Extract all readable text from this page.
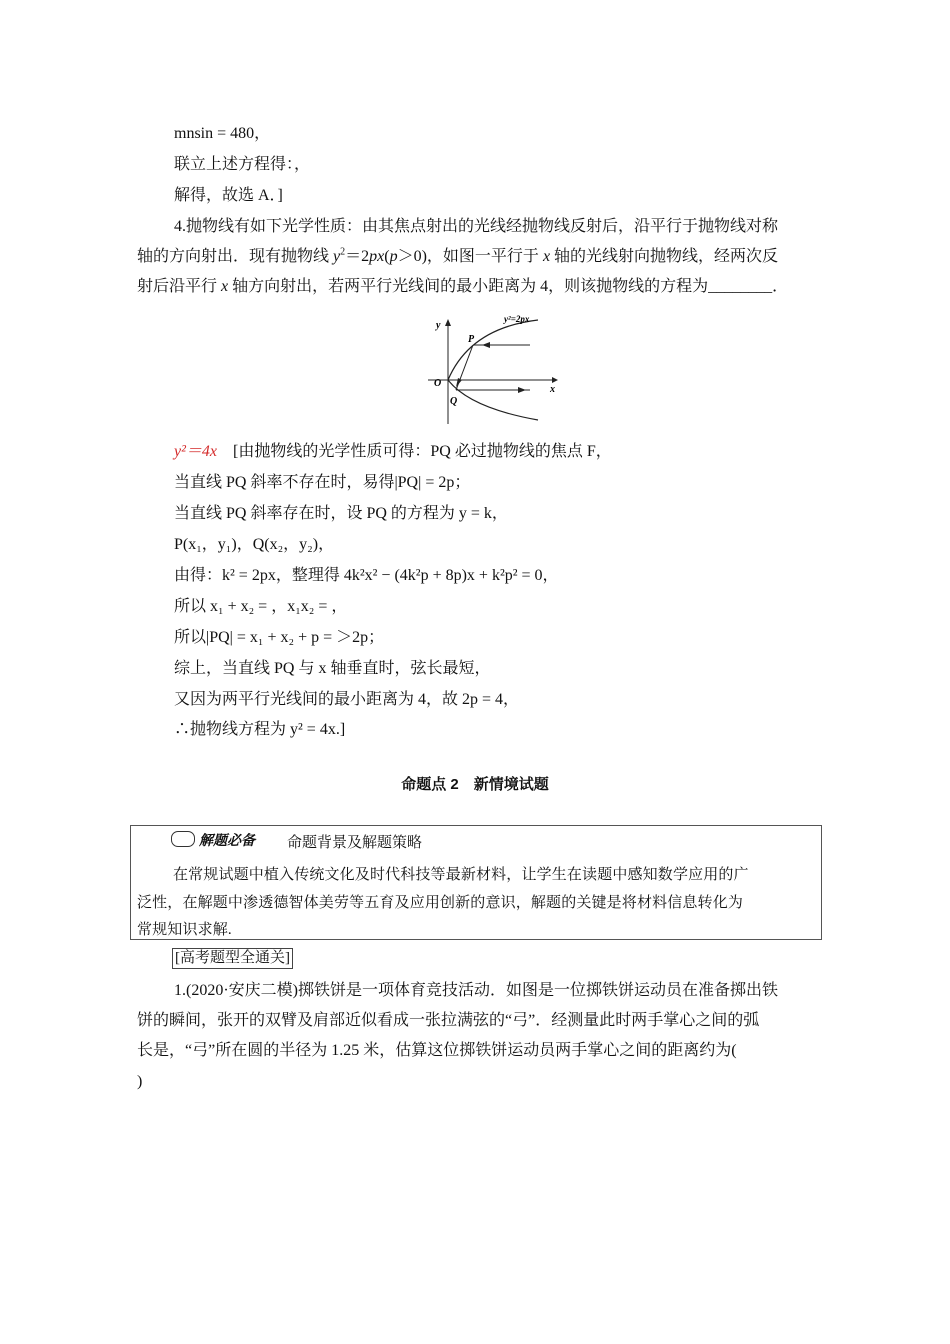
mnsin = 480，
联立上述方程得：，
解得，故选 A．]
4.抛物线有如下光学性质：由其焦点射出的光线经抛物线反射后，沿平行于抛物线对称
轴的方向射出．现有抛物线 $y^2=2px(p>0)$，如图一平行于 x 轴的光线射向抛物线，经两次反
射后沿平行 x 轴方向射出，若两平行光线间的最小距离为 4，则该抛物线的方程为________．
y
x
O
P
Q
y²=2px
y²＝4x　 [由抛物线的光学性质可得：PQ 必过抛物线的焦点 F，
当直线 PQ 斜率不存在时，易得|PQ| = 2p；
当直线 PQ 斜率存在时，设 PQ 的方程为 y = k，
P(x₁，y₁)，Q(x₂，y₂)，
由得：k² = 2px，整理得 4k²x² − (4k²p + 8p)x + k²p² = 0，
所以 x₁ + x₂ = ，x₁x₂ = ，
所以|PQ| = x₁ + x₂ + p = ＞2p；
综上，当直线 PQ 与 x 轴垂直时，弦长最短，
又因为两平行光线间的最小距离为 4，故 2p = 4，
∴抛物线方程为 y² = 4x.]
命题点 2　新情境试题
解题必备 命题背景及解题策略
在常规试题中植入传统文化及时代科技等最新材料，让学生在读题中感知数学应用的广
泛性，在解题中渗透德智体美劳等五育及应用创新的意识，解题的关键是将材料信息转化为
常规知识求解.
[高考题型全通关]
1.(2020·安庆二模)掷铁饼是一项体育竞技活动．如图是一位掷铁饼运动员在准备掷出铁
饼的瞬间，张开的双臂及肩部近似看成一张拉满弦的“弓”．经测量此时两手掌心之间的弧
长是，“弓”所在圆的半径为 1.25 米，估算这位掷铁饼运动员两手掌心之间的距离约为(
)
